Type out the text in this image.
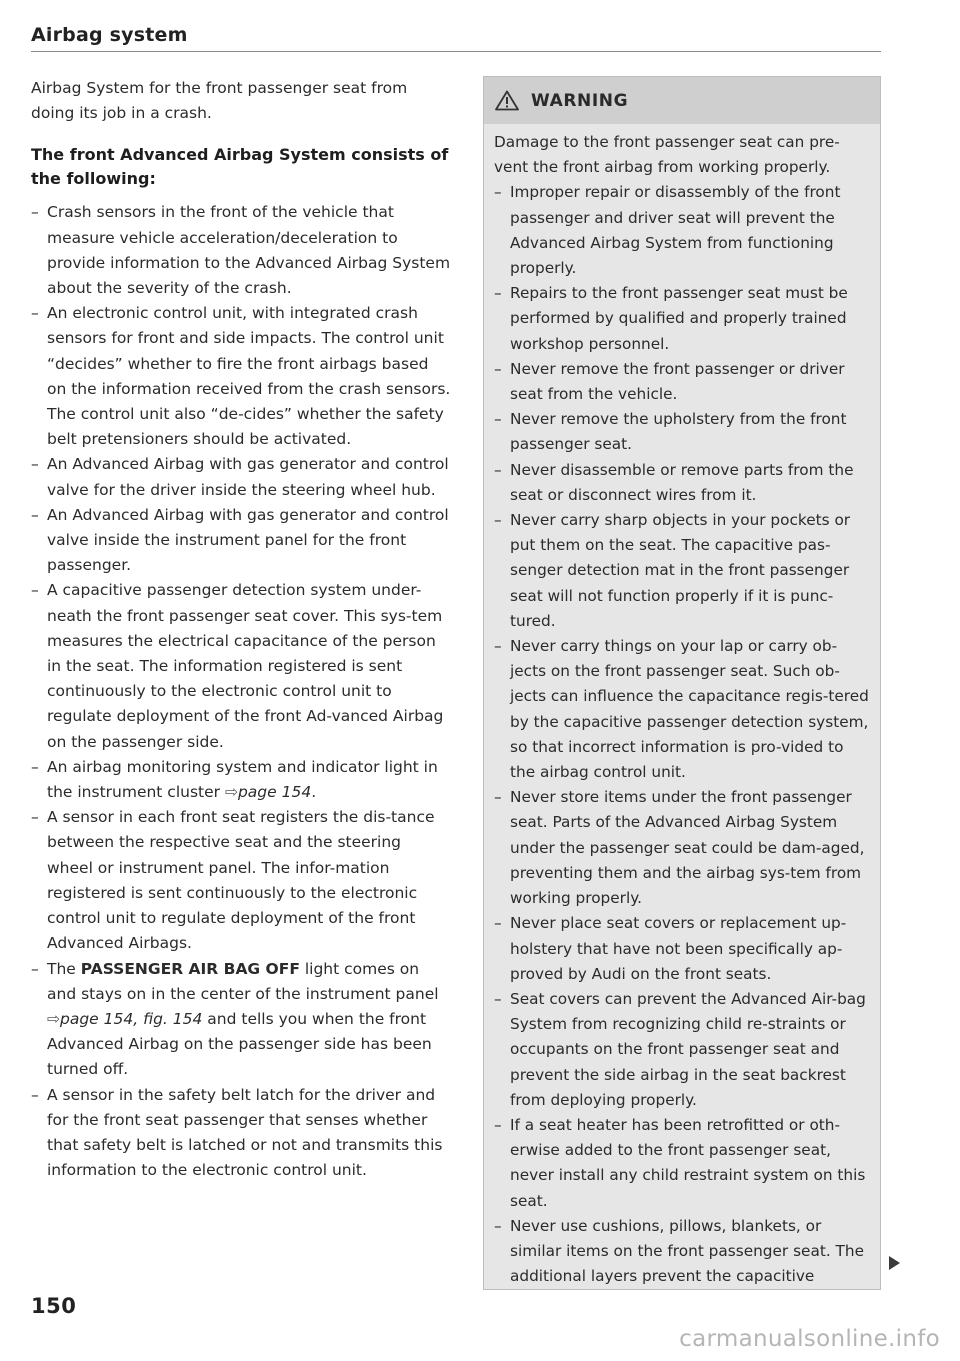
Airbag system

Airbag System for the front passenger seat from doing its job in a crash.

The front Advanced Airbag System consists of the following:

– Crash sensors in the front of the vehicle that measure vehicle acceleration/deceleration to provide information to the Advanced Airbag System about the severity of the crash.
– An electronic control unit, with integrated crash sensors for front and side impacts. The control unit “decides” whether to fire the front airbags based on the information received from the crash sensors. The control unit also “de-cides” whether the safety belt pretensioners should be activated.
– An Advanced Airbag with gas generator and control valve for the driver inside the steering wheel hub.
– An Advanced Airbag with gas generator and control valve inside the instrument panel for the front passenger.
– A capacitive passenger detection system under-neath the front passenger seat cover. This sys-tem measures the electrical capacitance of the person in the seat. The information registered is sent continuously to the electronic control unit to regulate deployment of the front Ad-vanced Airbag on the passenger side.
– An airbag monitoring system and indicator light in the instrument cluster ⇨page 154.
– A sensor in each front seat registers the dis-tance between the respective seat and the steering wheel or instrument panel. The infor-mation registered is sent continuously to the electronic control unit to regulate deployment of the front Advanced Airbags.
– The PASSENGER AIR BAG OFF light comes on and stays on in the center of the instrument panel ⇨page 154, fig. 154 and tells you when the front Advanced Airbag on the passenger side has been turned off.
– A sensor in the safety belt latch for the driver and for the front seat passenger that senses whether that safety belt is latched or not and transmits this information to the electronic control unit.
150
WARNING

Damage to the front passenger seat can pre-vent the front airbag from working properly.

– Improper repair or disassembly of the front passenger and driver seat will prevent the Advanced Airbag System from functioning properly.
– Repairs to the front passenger seat must be performed by qualified and properly trained workshop personnel.
– Never remove the front passenger or driver seat from the vehicle.
– Never remove the upholstery from the front passenger seat.
– Never disassemble or remove parts from the seat or disconnect wires from it.
– Never carry sharp objects in your pockets or put them on the seat. The capacitive pas-senger detection mat in the front passenger seat will not function properly if it is punc-tured.
– Never carry things on your lap or carry ob-jects on the front passenger seat. Such ob-jects can influence the capacitance regis-tered by the capacitive passenger detection system, so that incorrect information is pro-vided to the airbag control unit.
– Never store items under the front passenger seat. Parts of the Advanced Airbag System under the passenger seat could be dam-aged, preventing them and the airbag sys-tem from working properly.
– Never place seat covers or replacement up-holstery that have not been specifically ap-proved by Audi on the front seats.
– Seat covers can prevent the Advanced Air-bag System from recognizing child re-straints or occupants on the front passenger seat and prevent the side airbag in the seat backrest from deploying properly.
– If a seat heater has been retrofitted or oth-erwise added to the front passenger seat, never install any child restraint system on this seat.
– Never use cushions, pillows, blankets, or similar items on the front passenger seat. The additional layers prevent the capacitive
carmanualsonline.info
